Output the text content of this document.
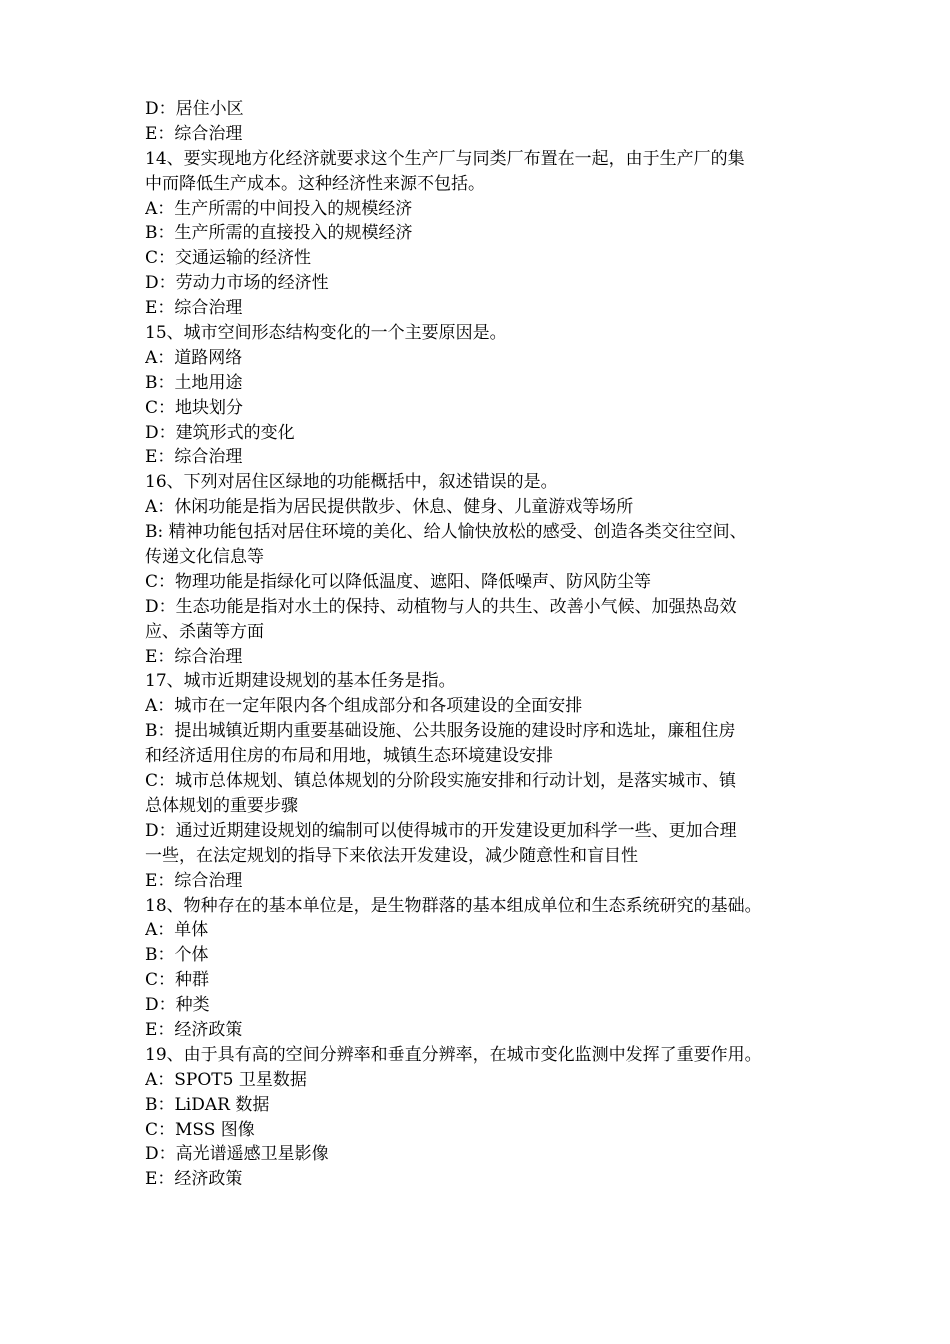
D：居住小区
E：综合治理
14、要实现地方化经济就要求这个生产厂与同类厂布置在一起，由于生产厂的集
中而降低生产成本。这种经济性来源不包括。
A：生产所需的中间投入的规模经济
B：生产所需的直接投入的规模经济
C：交通运输的经济性
D：劳动力市场的经济性
E：综合治理
15、城市空间形态结构变化的一个主要原因是。
A：道路网络
B：土地用途
C：地块划分
D：建筑形式的变化
E：综合治理
16、下列对居住区绿地的功能概括中，叙述错误的是。
A：休闲功能是指为居民提供散步、休息、健身、儿童游戏等场所
B: 精神功能包括对居住环境的美化、给人愉快放松的感受、创造各类交往空间、
传递文化信息等
C：物理功能是指绿化可以降低温度、遮阳、降低噪声、防风防尘等
D：生态功能是指对水土的保持、动植物与人的共生、改善小气候、加强热岛效
应、杀菌等方面
E：综合治理
17、城市近期建设规划的基本任务是指。
A：城市在一定年限内各个组成部分和各项建设的全面安排
B：提出城镇近期内重要基础设施、公共服务设施的建设时序和选址，廉租住房
和经济适用住房的布局和用地，城镇生态环境建设安排
C：城市总体规划、镇总体规划的分阶段实施安排和行动计划，是落实城市、镇
总体规划的重要步骤
D：通过近期建设规划的编制可以使得城市的开发建设更加科学一些、更加合理
一些，在法定规划的指导下来依法开发建设，减少随意性和盲目性
E：综合治理
18、物种存在的基本单位是，是生物群落的基本组成单位和生态系统研究的基础。
A：单体
B：个体
C：种群
D：种类
E：经济政策
19、由于具有高的空间分辨率和垂直分辨率，在城市变化监测中发挥了重要作用。
A：SPOT5 卫星数据
B：LiDAR 数据
C：MSS 图像
D：高光谱遥感卫星影像
E：经济政策
